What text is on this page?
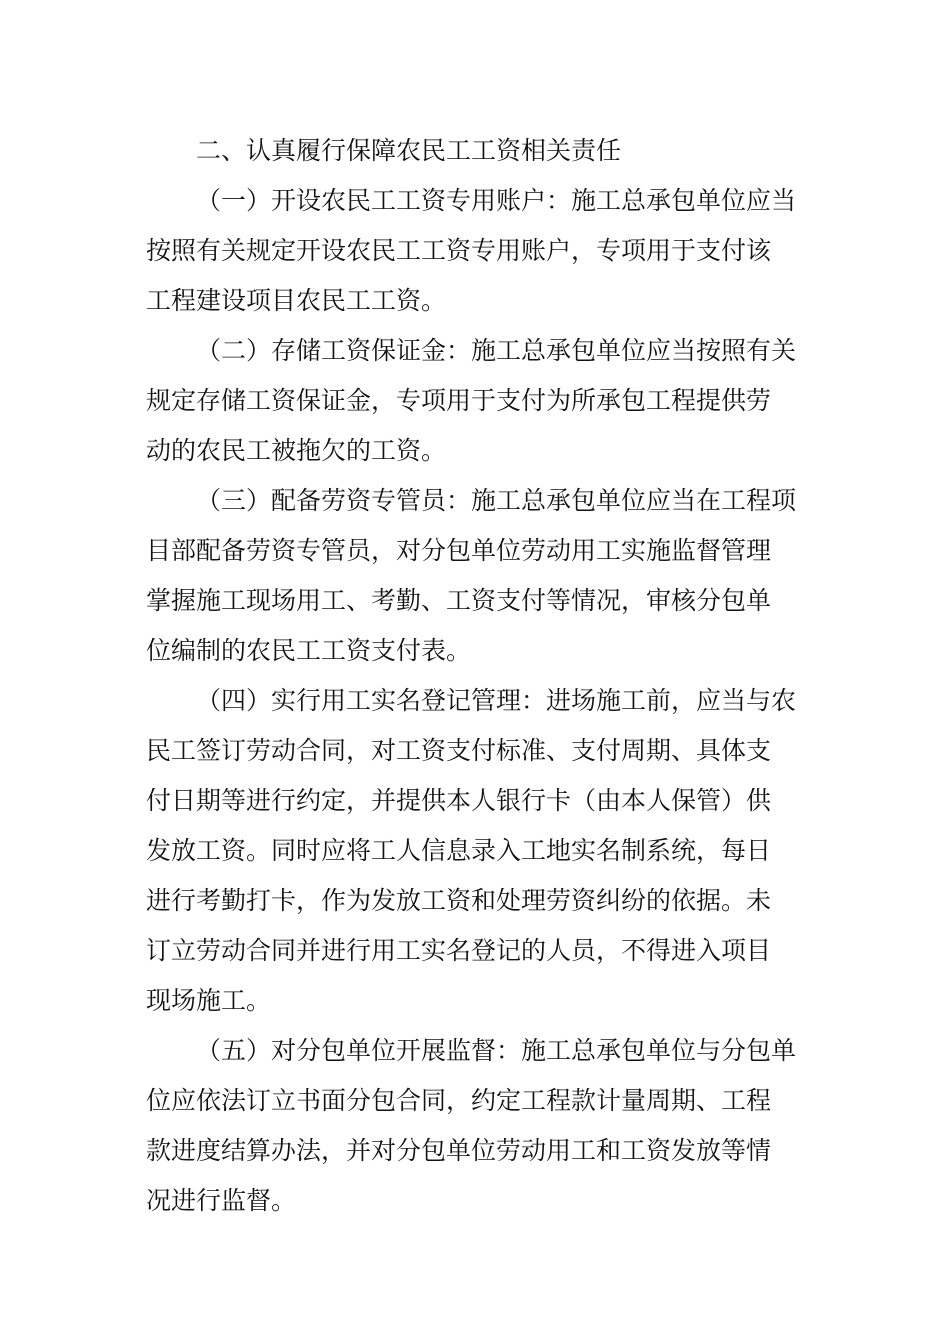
二、认真履行保障农民工工资相关责任
（一）开设农民工工资专用账户：施工总承包单位应当
按照有关规定开设农民工工资专用账户，专项用于支付该
工程建设项目农民工工资。
（二）存储工资保证金：施工总承包单位应当按照有关
规定存储工资保证金，专项用于支付为所承包工程提供劳
动的农民工被拖欠的工资。
（三）配备劳资专管员：施工总承包单位应当在工程项
目部配备劳资专管员，对分包单位劳动用工实施监督管理
掌握施工现场用工、考勤、工资支付等情况，审核分包单
位编制的农民工工资支付表。
（四）实行用工实名登记管理：进场施工前，应当与农
民工签订劳动合同，对工资支付标准、支付周期、具体支
付日期等进行约定，并提供本人银行卡（由本人保管）供
发放工资。同时应将工人信息录入工地实名制系统，每日
进行考勤打卡，作为发放工资和处理劳资纠纷的依据。未
订立劳动合同并进行用工实名登记的人员，不得进入项目
现场施工。
（五）对分包单位开展监督：施工总承包单位与分包单
位应依法订立书面分包合同，约定工程款计量周期、工程
款进度结算办法，并对分包单位劳动用工和工资发放等情
况进行监督。
